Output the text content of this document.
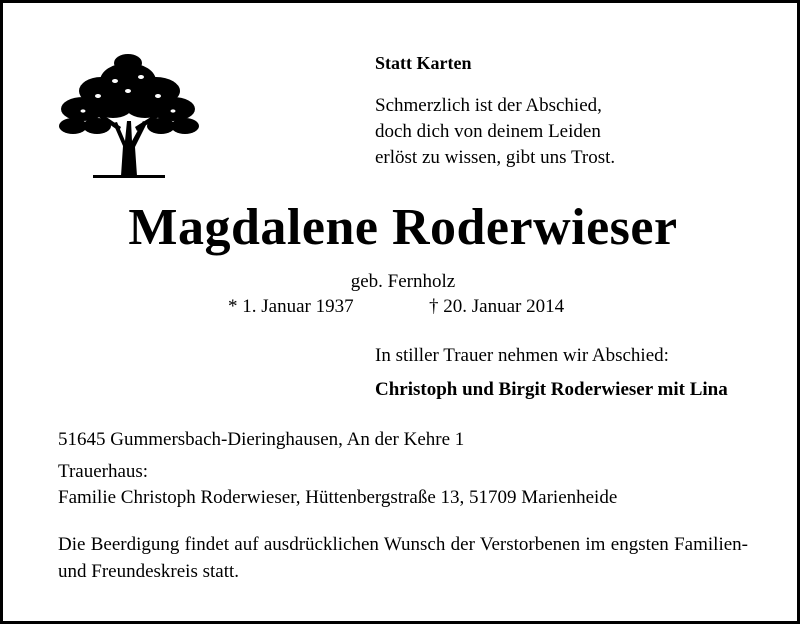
Statt Karten
Schmerzlich ist der Abschied,
doch dich von deinem Leiden
erlöst zu wissen, gibt uns Trost.
Magdalene Roderwieser
geb. Fernholz
* 1. Januar 1937	† 20. Januar 2014
In stiller Trauer nehmen wir Abschied:
Christoph und Birgit Roderwieser mit Lina
51645 Gummersbach-Dieringhausen, An der Kehre 1
Trauerhaus:
Familie Christoph Roderwieser, Hüttenbergstraße 13, 51709 Marienheide
Die Beerdigung findet auf ausdrücklichen Wunsch der Verstorbenen im engsten Familien- und Freundeskreis statt.
